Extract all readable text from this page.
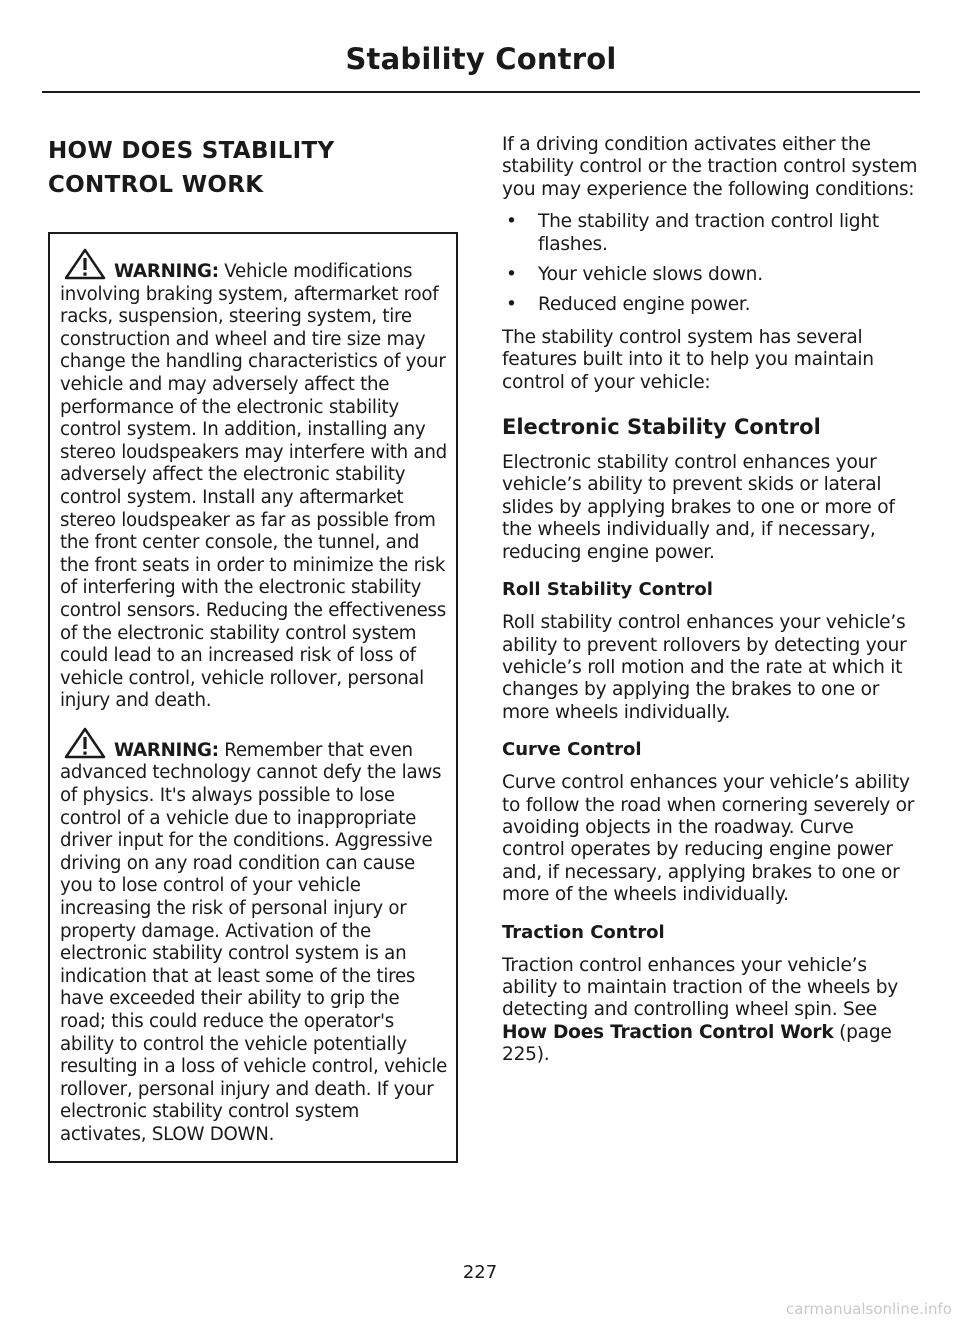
Stability Control
HOW DOES STABILITY
CONTROL WORK

WARNING: Vehicle modifications involving braking system, aftermarket roof racks, suspension, steering system, tire construction and wheel and tire size may change the handling characteristics of your vehicle and may adversely affect the performance of the electronic stability control system. In addition, installing any stereo loudspeakers may interfere with and adversely affect the electronic stability control system. Install any aftermarket stereo loudspeaker as far as possible from the front center console, the tunnel, and the front seats in order to minimize the risk of interfering with the electronic stability control sensors. Reducing the effectiveness of the electronic stability control system could lead to an increased risk of loss of vehicle control, vehicle rollover, personal injury and death.

WARNING: Remember that even advanced technology cannot defy the laws of physics. It's always possible to lose control of a vehicle due to inappropriate driver input for the conditions. Aggressive driving on any road condition can cause you to lose control of your vehicle increasing the risk of personal injury or property damage. Activation of the electronic stability control system is an indication that at least some of the tires have exceeded their ability to grip the road; this could reduce the operator's ability to control the vehicle potentially resulting in a loss of vehicle control, vehicle rollover, personal injury and death. If your electronic stability control system activates, SLOW DOWN.

If a driving condition activates either the stability control or the traction control system you may experience the following conditions:

• The stability and traction control light flashes.
• Your vehicle slows down.
• Reduced engine power.

The stability control system has several features built into it to help you maintain control of your vehicle:

Electronic Stability Control

Electronic stability control enhances your vehicle’s ability to prevent skids or lateral slides by applying brakes to one or more of the wheels individually and, if necessary, reducing engine power.

Roll Stability Control

Roll stability control enhances your vehicle’s ability to prevent rollovers by detecting your vehicle’s roll motion and the rate at which it changes by applying the brakes to one or more wheels individually.

Curve Control

Curve control enhances your vehicle’s ability to follow the road when cornering severely or avoiding objects in the roadway. Curve control operates by reducing engine power and, if necessary, applying brakes to one or more of the wheels individually.

Traction Control

Traction control enhances your vehicle’s ability to maintain traction of the wheels by detecting and controlling wheel spin. See How Does Traction Control Work (page 225).

227
carmanualsonline.info
